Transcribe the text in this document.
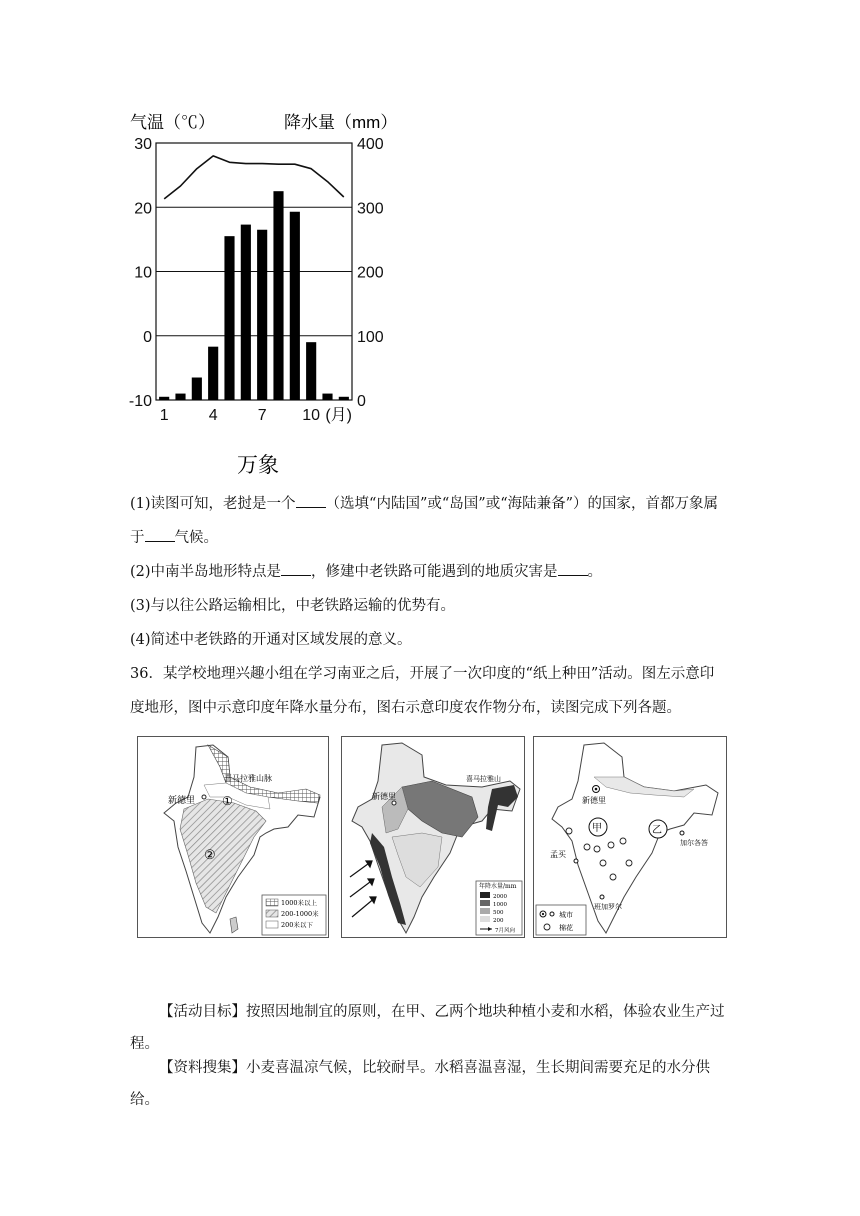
气温（℃）	降水量（mm）
30
20
10
0
-10
400
300
200
100
0
1	4	7 10 (月)
万象
(1)读图可知，老挝是一个 （选填“内陆国”或“岛国”或“海陆兼备”）的国家，首都万象属
于 气候。
(2)中南半岛地形特点是 ，修建中老铁路可能遇到的地质灾害是 。
(3)与以往公路运输相比，中老铁路运输的优势有。
(4)简述中老铁路的开通对区域发展的意义。
36．某学校地理兴趣小组在学习南亚之后，开展了一次印度的“纸上种田”活动。图左示意印
度地形，图中示意印度年降水量分布，图右示意印度农作物分布，读图完成下列各题。
新德里
喜马拉雅山脉
①
②
1000米以上
200-1000米
200米以下
新德里
喜马拉雅山
年降水量/mm
2000
1000
500
200
7月风向
新德里
甲	乙
加尔各答
孟买
班加罗尔
城市
棉花
【活动目标】按照因地制宜的原则，在甲、乙两个地块种植小麦和水稻，体验农业生产过程。
【资料搜集】小麦喜温凉气候，比较耐旱。水稻喜温喜湿，生长期间需要充足的水分供给。
